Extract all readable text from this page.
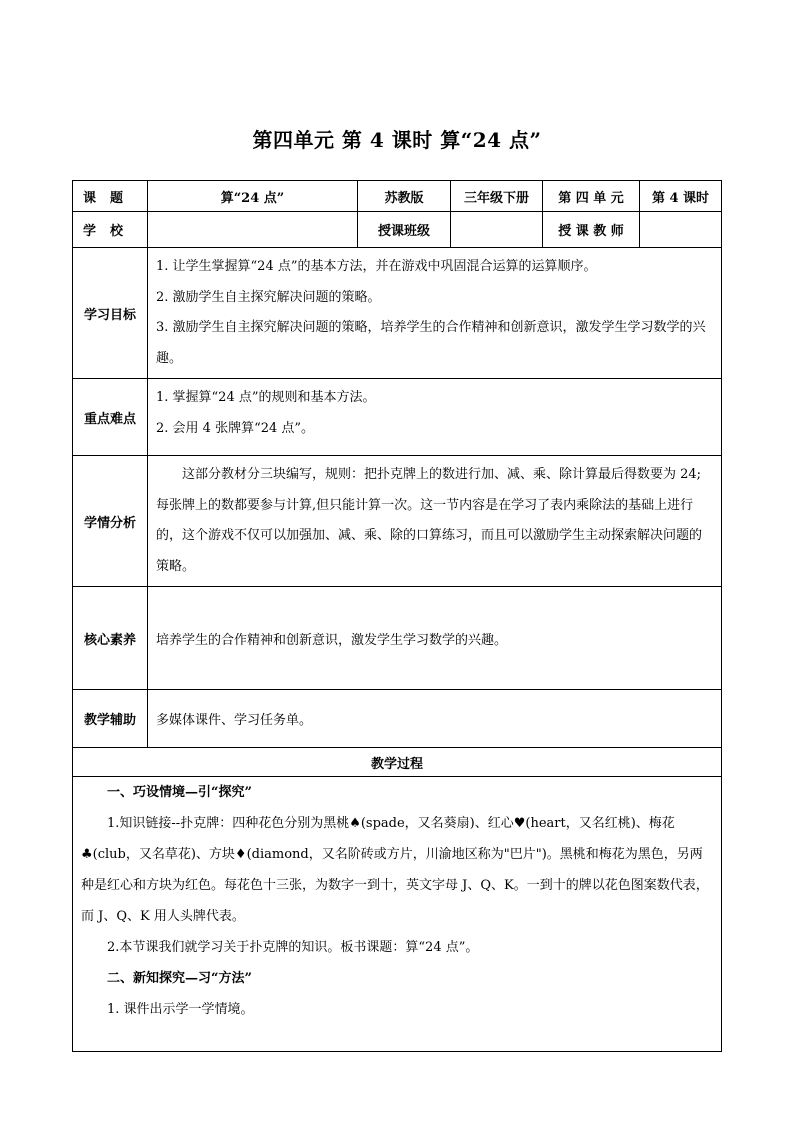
第四单元 第 4 课时 算“24 点”
课题	算“24 点”	苏教版	三年级下册	第 四 单 元	第 4 课时
学校		授课班级		授 课 教 师	
学习目标	1. 让学生掌握算“24 点”的基本方法，并在游戏中巩固混合运算的运算顺序。

2. 激励学生自主探究解决问题的策略。

3. 激励学生自主探究解决问题的策略，培养学生的合作精神和创新意识，激发学生学习数学的兴趣。				

重点难点	1. 掌握算“24 点”的规则和基本方法。

2. 会用 4 张牌算“24 点”。				

学情分析	这部分教材分三块编写，规则：把扑克牌上的数进行加、减、乘、除计算最后得数要为 24;每张牌上的数都要参与计算,但只能计算一次。这一节内容是在学习了表内乘除法的基础上进行的，这个游戏不仅可以加强加、减、乘、除的口算练习，而且可以激励学生主动探索解决问题的策略。				

核心素养	培养学生的合作精神和创新意识，激发学生学习数学的兴趣。				
教学辅助	多媒体课件、学习任务单。				
教学过程					

一、巧设情境—引“探究”

1.知识链接--扑克牌：四种花色分别为黑桃♠(spade，又名葵扇)、红心♥(heart，又名红桃)、梅花♣(club，又名草花)、方块♦(diamond，又名阶砖或方片，川渝地区称为"巴片")。黑桃和梅花为黑色，另两种是红心和方块为红色。每花色十三张，为数字一到十，英文字母 J、Q、K。一到十的牌以花色图案数代表，而 J、Q、K 用人头牌代表。

2.本节课我们就学习关于扑克牌的知识。板书课题：算“24 点”。

二、新知探究—习“方法”

1. 课件出示学一学情境。					
